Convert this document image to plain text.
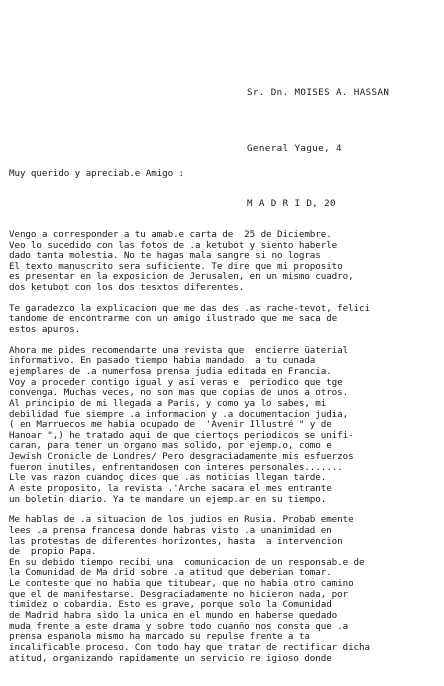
Sr. Dn. MOISES A. HASSAN

General Yague, 4

M A D R I D, 20

Muy querido y apreciab.e Amigo :

Vengo a corresponder a tu amab.e carta de  25 de Diciembre.
Veo lo sucedido con las fotos de .a ketubot y siento haberle
dado tanta molestia. No te hagas mala sangre si no logras
El texto manuscrito sera suficiente. Te dire que mi proposito
es presentar en la exposicion de Jerusalen, en un mismo cuadro,
dos ketubot con los dos tesxtos diferentes.
Te garadezco la explicacion que me das des .as rache-tevot, felici
tandome de encontrarme con un amigo ilustrado que me saca de
estos apuros.
Ahora me pides recomendarte una revista que  encierre üaterial
informativo. En pasado tiempo habia mandado  a tu cunada
ejemplares de .a numerfosa prensa judia editada en Francia.
Voy a proceder contigo igual y asi veras e  periodico que tge
convenga. Muchas veces, no son mas que copias de unos a otros.
Al principio de mi llegada a Paris, y como ya lo sabes, mi
debilidad fue siempre .a informacion y .a documentacion judia,
( en Marruecos me habia ocupado de  'Avenir Illustré " y de
Hanoar ",) he tratado aqui de que ciertoçs periodicos se unifi-
caran, para tener un organo mas solido, por ejemp.o, como e
Jewish Cronicle de Londres/ Pero desgraciadamente mis esfuerzos
fueron inutiles, enfrentandosen con interes personales.......
Lle vas razon cuandoç dices que .as noticias llegan tarde.
A este proposito, la revista .'Arche sacara el mes entrante
un boletin diario. Ya te mandare un ejemp.ar en su tiempo.
Me hablas de .a situacion de los judios en Rusia. Probab emente
lees .a prensa francesa donde habras visto .a unanimidad en
las protestas de diferentes horizontes, hasta  a intervencion
de  propio Papa.
En su debido tiempo recibi una  comunicacion de un responsab.e de
la Comunidad de Ma drid sobre .a atitud que deberian tomar.
Le conteste que no habia que titubear, que no habia otro camino
que el de manifestarse. Desgraciadamente no hicieron nada, por
timidez o cobardia. Esto es grave, porque solo la Comunidad
de Madrid habra sido la unica en el mundo en haberse quedado
muda frente a este drama y sobre todo cuanño nos consta que .a
prensa espanola mismo ha marcado su repulse frente a ta
incalificable proceso. Con todo hay que tratar de rectificar dicha
atitud, organizando rapidamente un servicio re igioso donde
